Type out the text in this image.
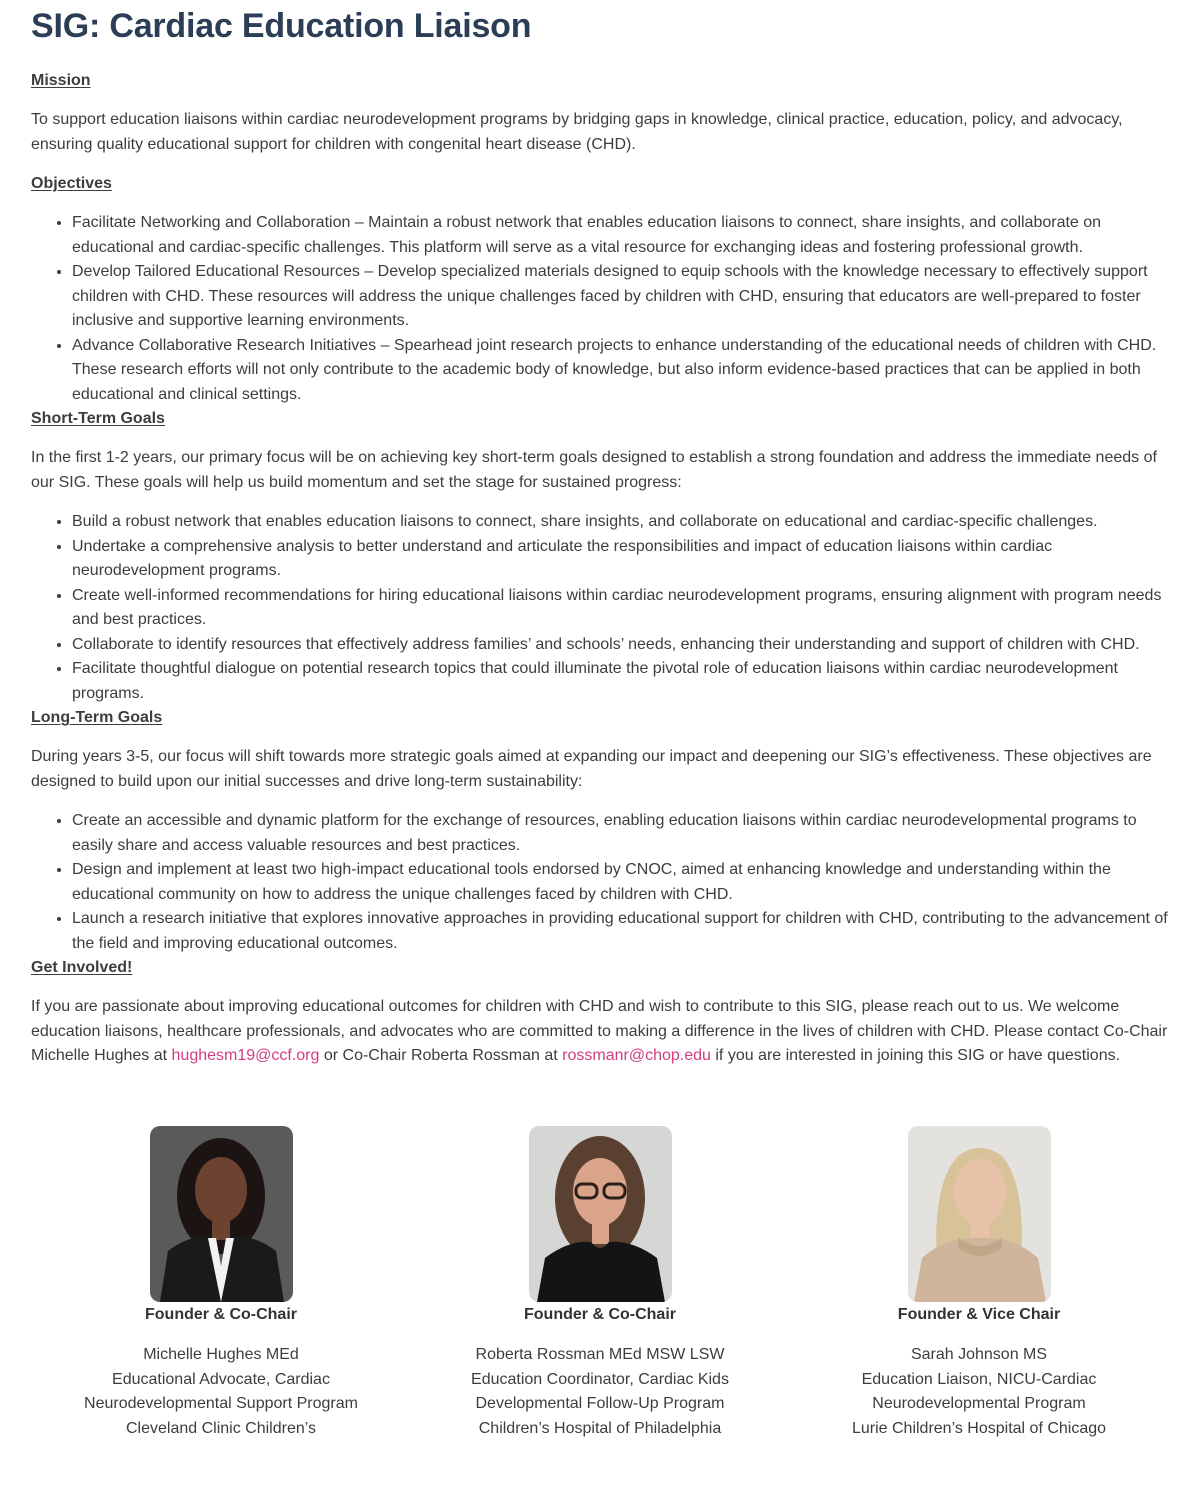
SIG: Cardiac Education Liaison
Mission

To support education liaisons within cardiac neurodevelopment programs by bridging gaps in knowledge, clinical practice, education, policy, and advocacy, ensuring quality educational support for children with congenital heart disease (CHD).

Objectives
• Facilitate Networking and Collaboration – Maintain a robust network that enables education liaisons to connect, share insights, and collaborate on educational and cardiac-specific challenges. This platform will serve as a vital resource for exchanging ideas and fostering professional growth.
• Develop Tailored Educational Resources – Develop specialized materials designed to equip schools with the knowledge necessary to effectively support children with CHD. These resources will address the unique challenges faced by children with CHD, ensuring that educators are well-prepared to foster inclusive and supportive learning environments.
• Advance Collaborative Research Initiatives – Spearhead joint research projects to enhance understanding of the educational needs of children with CHD. These research efforts will not only contribute to the academic body of knowledge, but also inform evidence-based practices that can be applied in both educational and clinical settings.
Short-Term Goals

In the first 1-2 years, our primary focus will be on achieving key short-term goals designed to establish a strong foundation and address the immediate needs of our SIG. These goals will help us build momentum and set the stage for sustained progress:

• Build a robust network that enables education liaisons to connect, share insights, and collaborate on educational and cardiac-specific challenges.
• Undertake a comprehensive analysis to better understand and articulate the responsibilities and impact of education liaisons within cardiac neurodevelopment programs.
• Create well-informed recommendations for hiring educational liaisons within cardiac neurodevelopment programs, ensuring alignment with program needs and best practices.
• Collaborate to identify resources that effectively address families’ and schools’ needs, enhancing their understanding and support of children with CHD.
• Facilitate thoughtful dialogue on potential research topics that could illuminate the pivotal role of education liaisons within cardiac neurodevelopment programs.
Long-Term Goals

During years 3-5, our focus will shift towards more strategic goals aimed at expanding our impact and deepening our SIG’s effectiveness. These objectives are designed to build upon our initial successes and drive long-term sustainability:

• Create an accessible and dynamic platform for the exchange of resources, enabling education liaisons within cardiac neurodevelopmental programs to easily share and access valuable resources and best practices.
• Design and implement at least two high-impact educational tools endorsed by CNOC, aimed at enhancing knowledge and understanding within the educational community on how to address the unique challenges faced by children with CHD.
• Launch a research initiative that explores innovative approaches in providing educational support for children with CHD, contributing to the advancement of the field and improving educational outcomes.
Get Involved!

If you are passionate about improving educational outcomes for children with CHD and wish to contribute to this SIG, please reach out to us. We welcome education liaisons, healthcare professionals, and advocates who are committed to making a difference in the lives of children with CHD. Please contact Co-Chair Michelle Hughes at hughesm19@ccf.org or Co-Chair Roberta Rossman at rossmanr@chop.edu if you are interested in joining this SIG or have questions.

Founder & Co-Chair
Michelle Hughes MEd
Educational Advocate, Cardiac
Neurodevelopmental Support Program
Cleveland Clinic Children’s
Founder & Co-Chair
Roberta Rossman MEd MSW LSW
Education Coordinator, Cardiac Kids
Developmental Follow-Up Program
Children’s Hospital of Philadelphia
Founder & Vice Chair
Sarah Johnson MS
Education Liaison, NICU-Cardiac
Neurodevelopmental Program
Lurie Children’s Hospital of Chicago
